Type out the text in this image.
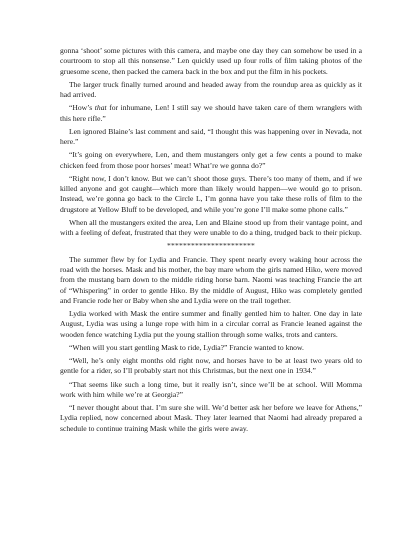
gonna ‘shoot’ some pictures with this camera, and maybe one day they can somehow be used in a courtroom to stop all this nonsense.” Len quickly used up four rolls of film taking photos of the gruesome scene, then packed the camera back in the box and put the film in his pockets.

The larger truck finally turned around and headed away from the roundup area as quickly as it had arrived.

“How’s that for inhumane, Len! I still say we should have taken care of them wranglers with this here rifle.”

Len ignored Blaine’s last comment and said, “I thought this was happening over in Nevada, not here.”

“It’s going on everywhere, Len, and them mustangers only get a few cents a pound to make chicken feed from those poor horses’ meat! What’re we gonna do?”

“Right now, I don’t know. But we can’t shoot those guys. There’s too many of them, and if we killed anyone and got caught—which more than likely would happen—we would go to prison. Instead, we’re gonna go back to the Circle L, I’m gonna have you take these rolls of film to the drugstore at Yellow Bluff to be developed, and while you’re gone I’ll make some phone calls.”

When all the mustangers exited the area, Len and Blaine stood up from their vantage point, and with a feeling of defeat, frustrated that they were unable to do a thing, trudged back to their pickup.

**********************

The summer flew by for Lydia and Francie. They spent nearly every waking hour across the road with the horses. Mask and his mother, the bay mare whom the girls named Hiko, were moved from the mustang barn down to the middle riding horse barn. Naomi was teaching Francie the art of “Whispering” in order to gentle Hiko. By the middle of August, Hiko was completely gentled and Francie rode her or Baby when she and Lydia were on the trail together.

Lydia worked with Mask the entire summer and finally gentled him to halter. One day in late August, Lydia was using a lunge rope with him in a circular corral as Francie leaned against the wooden fence watching Lydia put the young stallion through some walks, trots and canters.

“When will you start gentling Mask to ride, Lydia?” Francie wanted to know.

“Well, he’s only eight months old right now, and horses have to be at least two years old to gentle for a rider, so I’ll probably start not this Christmas, but the next one in 1934.”

“That seems like such a long time, but it really isn’t, since we’ll be at school. Will Momma work with him while we’re at Georgia?”

“I never thought about that. I’m sure she will. We’d better ask her before we leave for Athens,” Lydia replied, now concerned about Mask. They later learned that Naomi had already prepared a schedule to continue training Mask while the girls were away.
